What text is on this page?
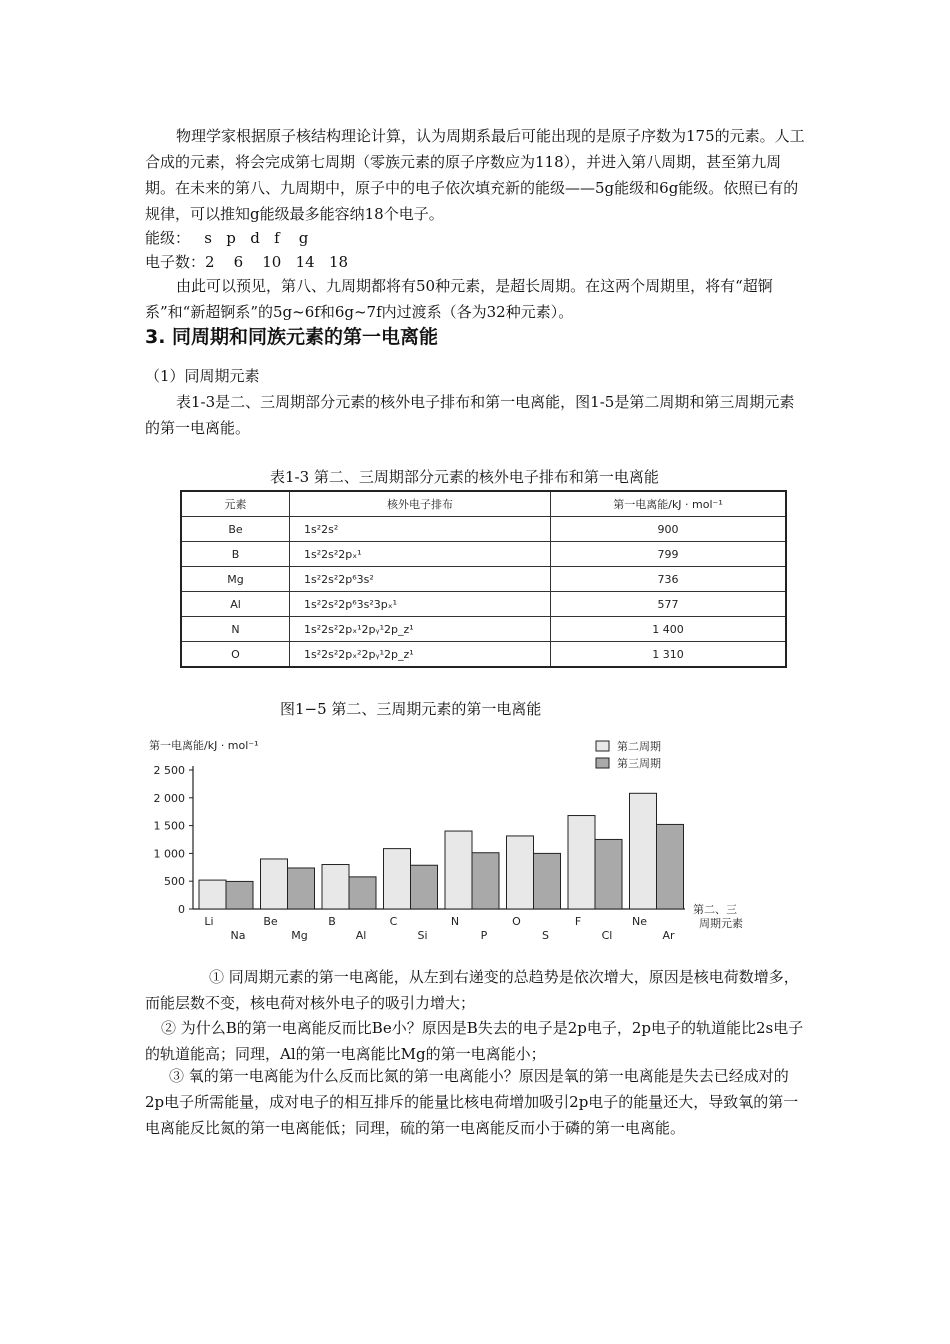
物理学家根据原子核结构理论计算，认为周期系最后可能出现的是原子序数为175的元素。人工合成的元素，将会完成第七周期（零族元素的原子序数应为118），并进入第八周期，甚至第九周期。在未来的第八、九周期中，原子中的电子依次填充新的能级——5g能级和6g能级。依照已有的规律，可以推知g能级最多能容纳18个电子。

能级：   s   p   d   f    g

电子数：2    6    10   14   18

由此可以预见，第八、九周期都将有50种元素，是超长周期。在这两个周期里，将有“超锕系”和“新超锕系”的5g~6f和6g~7f内过渡系（各为32种元素）。

3. 同周期和同族元素的第一电离能

（1）同周期元素

表1-3是二、三周期部分元素的核外电子排布和第一电离能，图1-5是第二周期和第三周期元素的第一电离能。

表1-3 第二、三周期部分元素的核外电子排布和第一电离能

元素	核外电子排布	第一电离能/kJ · mol⁻¹
Be	1s²2s²	900
B	1s²2s²2pₓ¹	799
Mg	1s²2s²2p⁶3s²	736
Al	1s²2s²2p⁶3s²3pₓ¹	577
N	1s²2s²2pₓ¹2pᵧ¹2p_z¹	1 400
O	1s²2s²2pₓ²2pᵧ¹2p_z¹	1 310

图1−5 第二、三周期元素的第一电离能

0
500
1 000
1 500
2 000
2 500
第一电离能/kJ · mol⁻¹
Li
Na
Be
Mg
B
Al
C
Si
N
P
O
S
F
Cl
Ne
Ar
第二、三
周期元素
第二周期
第三周期

① 同周期元素的第一电离能，从左到右递变的总趋势是依次增大，原因是核电荷数增多，而能层数不变，核电荷对核外电子的吸引力增大；

② 为什么B的第一电离能反而比Be小？原因是B失去的电子是2p电子，2p电子的轨道能比2s电子的轨道能高；同理，Al的第一电离能比Mg的第一电离能小；

③ 氧的第一电离能为什么反而比氮的第一电离能小？原因是氧的第一电离能是失去已经成对的2p电子所需能量，成对电子的相互排斥的能量比核电荷增加吸引2p电子的能量还大，导致氧的第一电离能反比氮的第一电离能低；同理，硫的第一电离能反而小于磷的第一电离能。
